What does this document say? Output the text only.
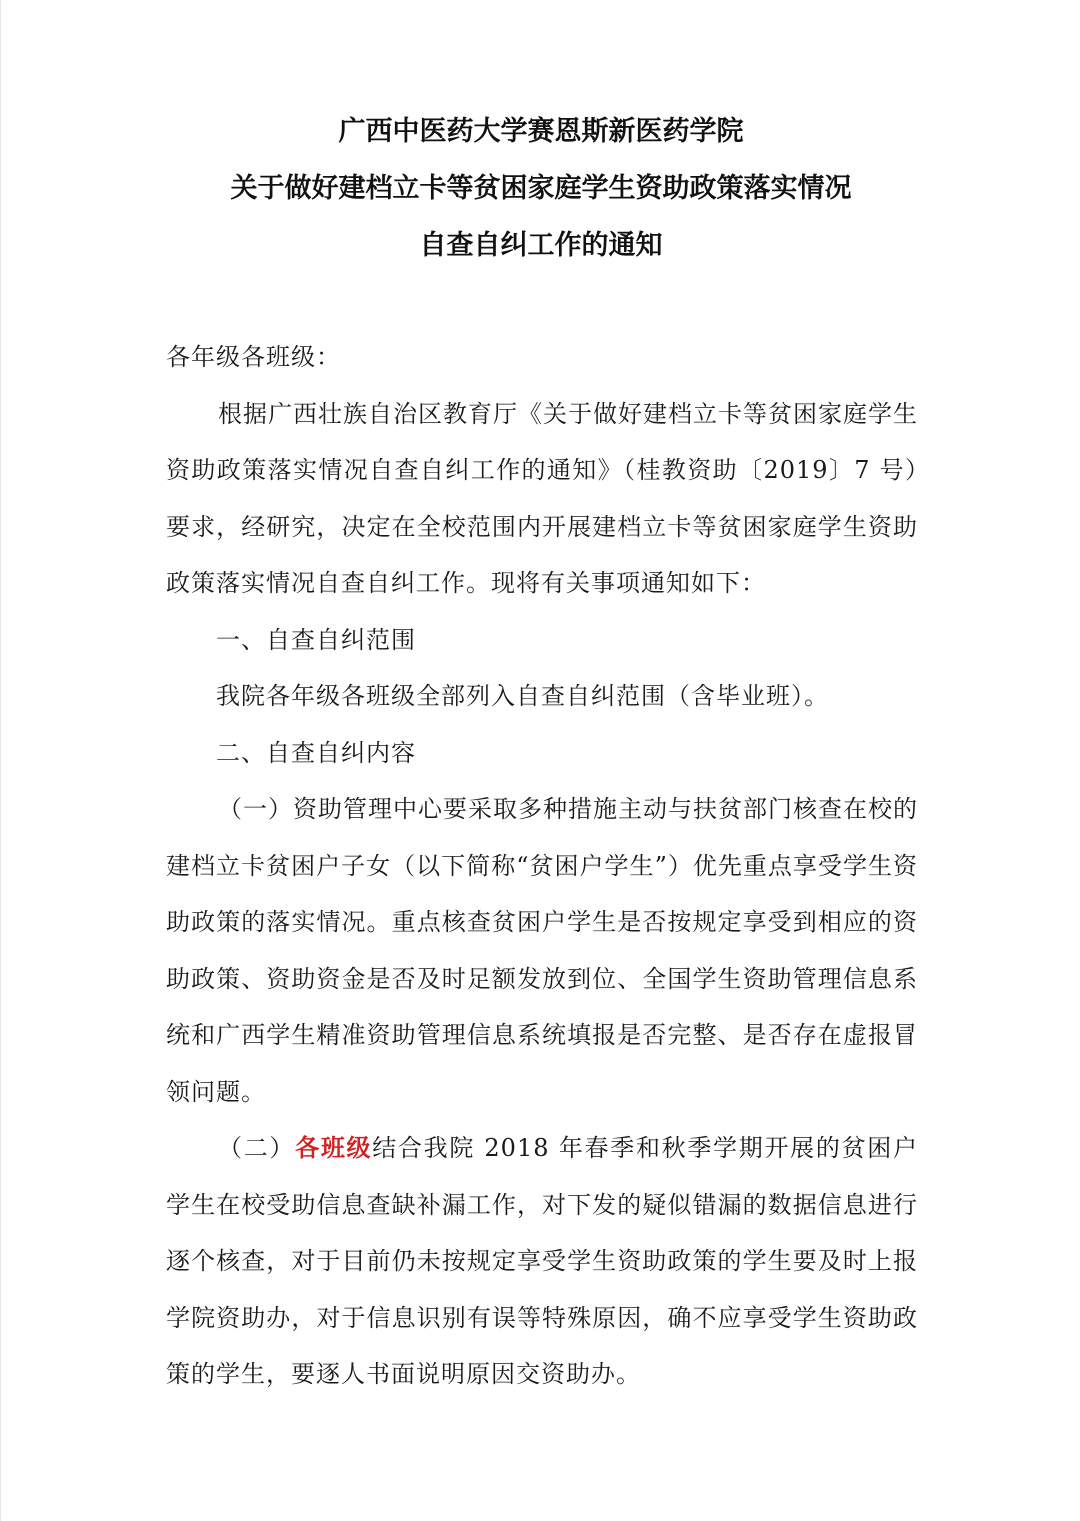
广西中医药大学赛恩斯新医药学院
关于做好建档立卡等贫困家庭学生资助政策落实情况
自查自纠工作的通知

各年级各班级：

根据广西壮族自治区教育厅《关于做好建档立卡等贫困家庭学生资助政策落实情况自查自纠工作的通知》（桂教资助〔2019〕7 号）要求，经研究，决定在全校范围内开展建档立卡等贫困家庭学生资助政策落实情况自查自纠工作。现将有关事项通知如下：

一、自查自纠范围

我院各年级各班级全部列入自查自纠范围（含毕业班）。

二、自查自纠内容

（一）资助管理中心要采取多种措施主动与扶贫部门核查在校的建档立卡贫困户子女（以下简称“贫困户学生”）优先重点享受学生资助政策的落实情况。重点核查贫困户学生是否按规定享受到相应的资助政策、资助资金是否及时足额发放到位、全国学生资助管理信息系统和广西学生精准资助管理信息系统填报是否完整、是否存在虚报冒领问题。

（二）各班级结合我院 2018 年春季和秋季学期开展的贫困户学生在校受助信息查缺补漏工作，对下发的疑似错漏的数据信息进行逐个核查，对于目前仍未按规定享受学生资助政策的学生要及时上报学院资助办，对于信息识别有误等特殊原因，确不应享受学生资助政策的学生，要逐人书面说明原因交资助办。
